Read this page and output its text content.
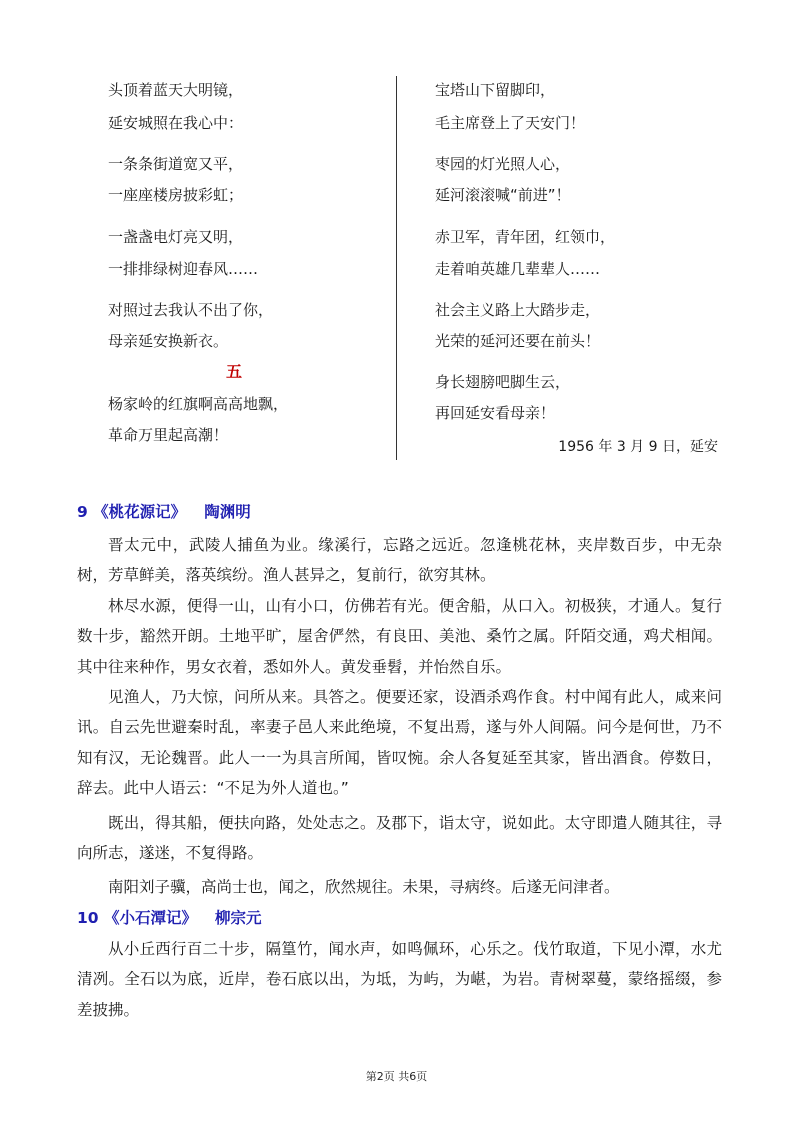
头顶着蓝天大明镜，
延安城照在我心中：
一条条街道宽又平，
一座座楼房披彩虹；
一盏盏电灯亮又明，
一排排绿树迎春风……
对照过去我认不出了你，
母亲延安换新衣。
杨家岭的红旗啊高高地飘，
革命万里起高潮！
五
宝塔山下留脚印，
毛主席登上了天安门！
枣园的灯光照人心，
延河滚滚喊“前进”！
赤卫军，青年团，红领巾，
走着咱英雄几辈辈人……
社会主义路上大踏步走，
光荣的延河还要在前头！
身长翅膀吧脚生云，
再回延安看母亲！
1956 年 3 月 9 日，延安
9 《桃花源记》 陶渊明
晋太元中，武陵人捕鱼为业。缘溪行，忘路之远近。忽逢桃花林，夹岸数百步，中无杂树，芳草鲜美，落英缤纷。渔人甚异之，复前行，欲穷其林。
林尽水源，便得一山，山有小口，仿佛若有光。便舍船，从口入。初极狭，才通人。复行数十步，豁然开朗。土地平旷，屋舍俨然，有良田、美池、桑竹之属。阡陌交通，鸡犬相闻。其中往来种作，男女衣着，悉如外人。黄发垂髫，并怡然自乐。
见渔人，乃大惊，问所从来。具答之。便要还家，设酒杀鸡作食。村中闻有此人，咸来问讯。自云先世避秦时乱，率妻子邑人来此绝境，不复出焉，遂与外人间隔。问今是何世，乃不知有汉，无论魏晋。此人一一为具言所闻，皆叹惋。余人各复延至其家，皆出酒食。停数日，辞去。此中人语云：“不足为外人道也。”
既出，得其船，便扶向路，处处志之。及郡下，诣太守，说如此。太守即遣人随其往，寻向所志，遂迷，不复得路。
南阳刘子骥，高尚士也，闻之，欣然规往。未果，寻病终。后遂无问津者。
10 《小石潭记》 柳宗元
从小丘西行百二十步，隔篁竹，闻水声，如鸣佩环，心乐之。伐竹取道，下见小潭，水尤清冽。全石以为底，近岸，卷石底以出，为坻，为屿，为嵁，为岩。青树翠蔓，蒙络摇缀，参差披拂。
第2页 共6页
